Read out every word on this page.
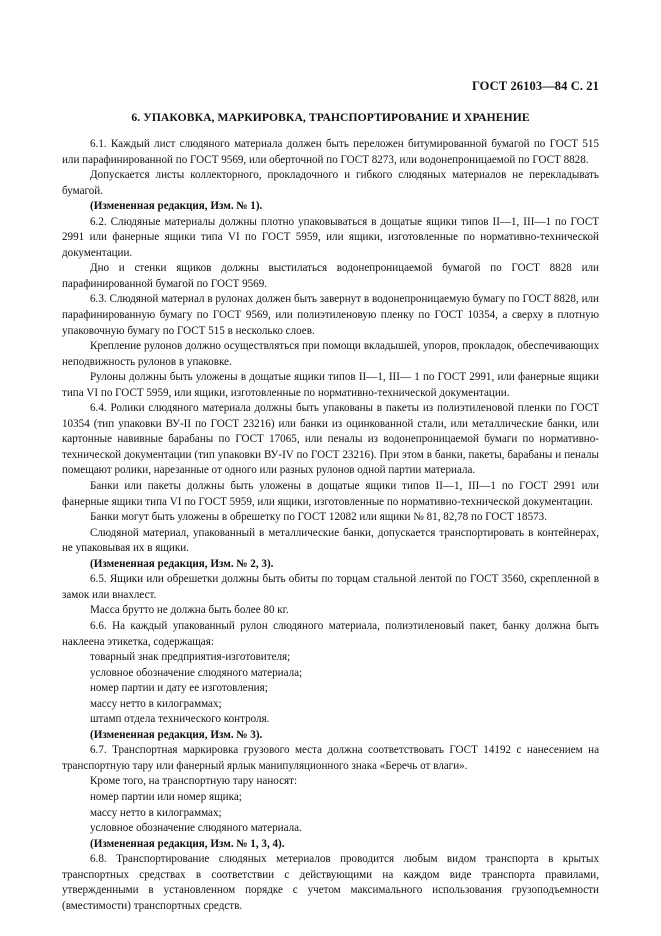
ГОСТ 26103—84 С. 21
6. УПАКОВКА, МАРКИРОВКА, ТРАНСПОРТИРОВАНИЕ И ХРАНЕНИЕ

6.1. Каждый лист слюдяного материала должен быть переложен битумированной бумагой по ГОСТ 515 или парафинированной по ГОСТ 9569, или оберточной по ГОСТ 8273, или водонепроницаемой по ГОСТ 8828.

Допускается листы коллекторного, прокладочного и гибкого слюдяных материалов не перекладывать бумагой.

(Измененная редакция, Изм. № 1).

6.2. Слюдяные материалы должны плотно упаковываться в дощатые ящики типов II—1, III—1 по ГОСТ 2991 или фанерные ящики типа VI по ГОСТ 5959, или ящики, изготовленные по нормативно-технической документации.

Дно и стенки ящиков должны выстилаться водонепроницаемой бумагой по ГОСТ 8828 или парафинированной бумагой по ГОСТ 9569.

6.3. Слюдяной материал в рулонах должен быть завернут в водонепроницаемую бумагу по ГОСТ 8828, или парафинированную бумагу по ГОСТ 9569, или полиэтиленовую пленку по ГОСТ 10354, а сверху в плотную упаковочную бумагу по ГОСТ 515 в несколько слоев.

Крепление рулонов должно осуществляться при помощи вкладышей, упоров, прокладок, обеспечивающих неподвижность рулонов в упаковке.

Рулоны должны быть уложены в дощатые ящики типов II—1, III— 1 по ГОСТ 2991, или фанерные ящики типа VI по ГОСТ 5959, или ящики, изготовленные по нормативно-технической документации.

6.4. Ролики слюдяного материала должны быть упакованы в пакеты из полиэтиленовой пленки по ГОСТ 10354 (тип упаковки ВУ-II по ГОСТ 23216) или банки из оцинкованной стали, или металлические банки, или картонные навивные барабаны по ГОСТ 17065, или пеналы из водонепроницаемой бумаги по нормативно-технической документации (тип упаковки ВУ-IV по ГОСТ 23216). При этом в банки, пакеты, барабаны и пеналы помещают ролики, нарезанные от одного или разных рулонов одной партии материала.

Банки или пакеты должны быть уложены в дощатые ящики типов II—1, III—1 по ГОСТ 2991 или фанерные ящики типа VI по ГОСТ 5959, или ящики, изготовленные по нормативно-технической документации.

Банки могут быть уложены в обрешетку по ГОСТ 12082 или ящики № 81, 82,78 по ГОСТ 18573.

Слюдяной материал, упакованный в металлические банки, допускается транспортировать в контейнерах, не упаковывая их в ящики.

(Измененная редакция, Изм. № 2, 3).

6.5. Ящики или обрешетки должны быть обиты по торцам стальной лентой по ГОСТ 3560, скрепленной в замок или внахлест.

Масса брутто не должна быть более 80 кг.

6.6. На каждый упакованный рулон слюдяного материала, полиэтиленовый пакет, банку должна быть наклеена этикетка, содержащая:

товарный знак предприятия-изготовителя;

условное обозначение слюдяного материала;

номер партии и дату ее изготовления;

массу нетто в килограммах;

штамп отдела технического контроля.

(Измененная редакция, Изм. № 3).

6.7. Транспортная маркировка грузового места должна соответствовать ГОСТ 14192 с нанесением на транспортную тару или фанерный ярлык манипуляционного знака «Беречь от влаги».

Кроме того, на транспортную тару наносят:

номер партии или номер ящика;

массу нетто в килограммах;

условное обозначение слюдяного материала.

(Измененная редакция, Изм. № 1, 3, 4).

6.8. Транспортирование слюдяных метериалов проводится любым видом транспорта в крытых транспортных средствах в соответствии с действующими на каждом виде транспорта правилами, утвержденными в установленном порядке с учетом максимального использования грузоподъемности (вместимости) транспортных средств.
